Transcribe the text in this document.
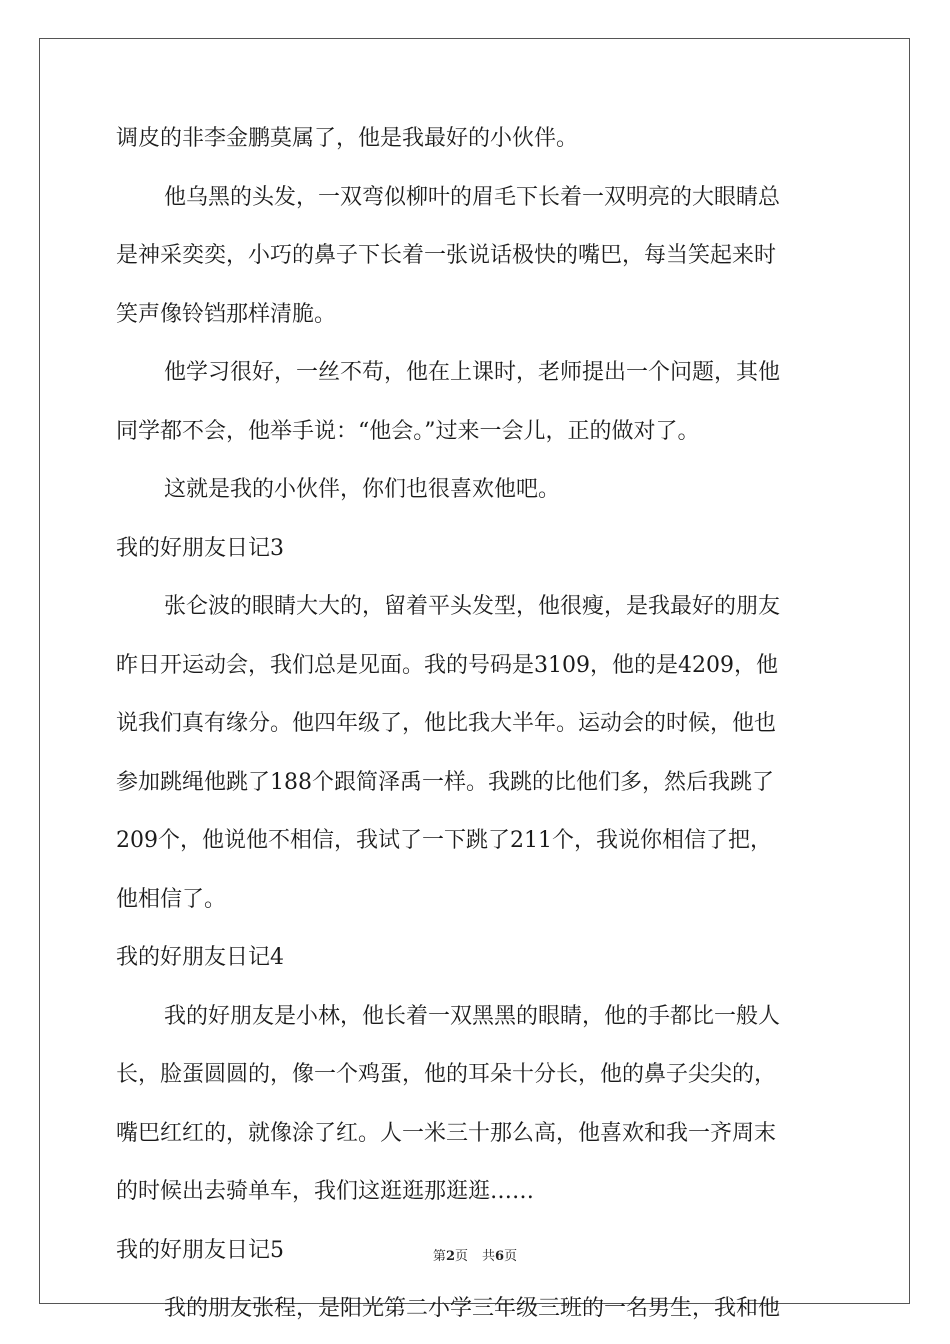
调皮的非李金鹏莫属了，他是我最好的小伙伴。
他乌黑的头发，一双弯似柳叶的眉毛下长着一双明亮的大眼睛总
是神采奕奕，小巧的鼻子下长着一张说话极快的嘴巴，每当笑起来时
笑声像铃铛那样清脆。
他学习很好，一丝不苟，他在上课时，老师提出一个问题，其他
同学都不会，他举手说：“他会。”过来一会儿，正的做对了。
这就是我的小伙伴，你们也很喜欢他吧。
我的好朋友日记3
张仑波的眼睛大大的，留着平头发型，他很瘦，是我最好的朋友
昨日开运动会，我们总是见面。我的号码是3109，他的是4209，他
说我们真有缘分。他四年级了，他比我大半年。运动会的时候，他也
参加跳绳他跳了188个跟简泽禹一样。我跳的比他们多，然后我跳了
209个，他说他不相信，我试了一下跳了211个，我说你相信了把，
他相信了。
我的好朋友日记4
我的好朋友是小林，他长着一双黑黑的眼睛，他的手都比一般人
长，脸蛋圆圆的，像一个鸡蛋，他的耳朵十分长，他的鼻子尖尖的，
嘴巴红红的，就像涂了红。人一米三十那么高，他喜欢和我一齐周末
的时候出去骑单车，我们这逛逛那逛逛……
我的好朋友日记5
我的朋友张程，是阳光第二小学三年级三班的一名男生，我和他
第2页 共6页
